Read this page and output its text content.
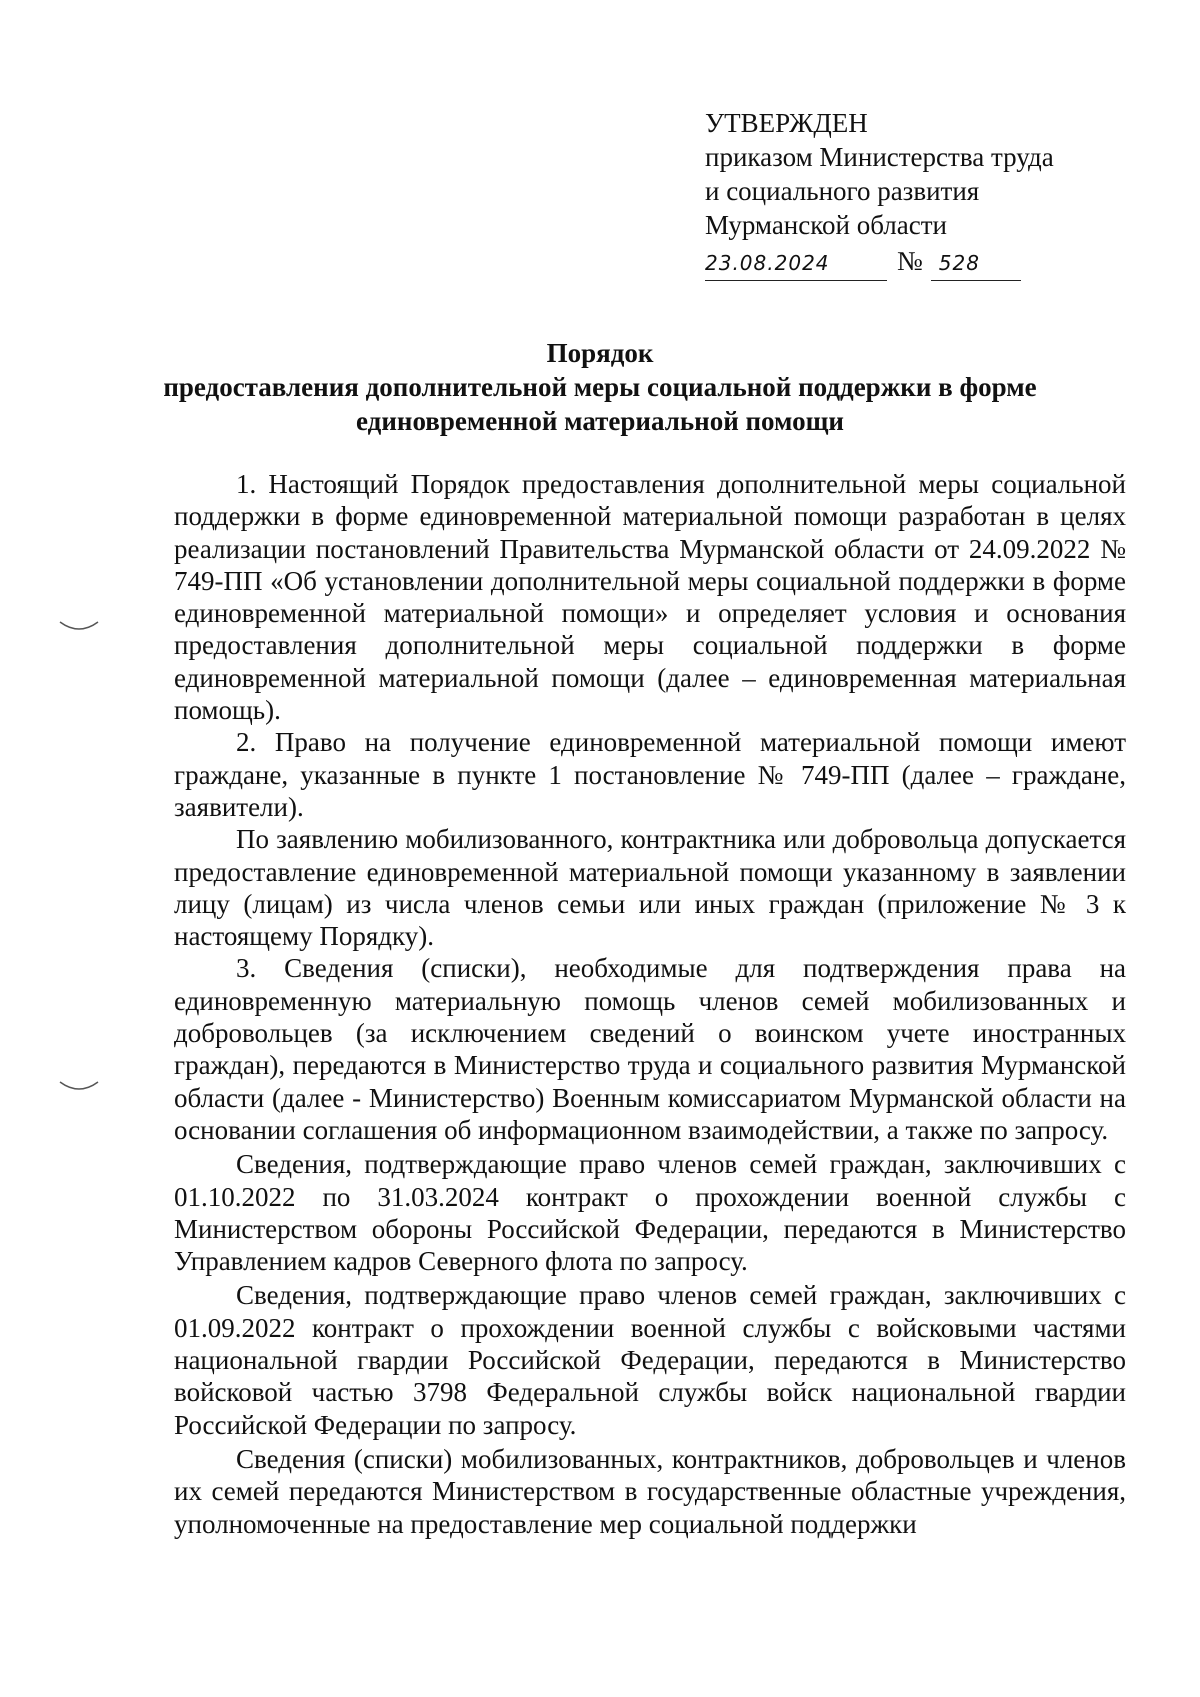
УТВЕРЖДЕН
приказом Министерства труда
и социального развития
Мурманской области
23.08.2024 № 528
Порядок
предоставления дополнительной меры социальной поддержки в форме
единовременной материальной помощи

1. Настоящий Порядок предоставления дополнительной меры социальной поддержки в форме единовременной материальной помощи разработан в целях реализации постановлений Правительства Мурманской области от 24.09.2022 № 749-ПП «Об установлении дополнительной меры социальной поддержки в форме единовременной материальной помощи» и определяет условия и основания предоставления дополнительной меры социальной поддержки в форме единовременной материальной помощи (далее – единовременная материальная помощь).

2. Право на получение единовременной материальной помощи имеют граждане, указанные в пункте 1 постановление № 749-ПП (далее – граждане, заявители).

По заявлению мобилизованного, контрактника или добровольца допускается предоставление единовременной материальной помощи указанному в заявлении лицу (лицам) из числа членов семьи или иных граждан (приложение № 3 к настоящему Порядку).

3. Сведения (списки), необходимые для подтверждения права на единовременную материальную помощь членов семей мобилизованных и добровольцев (за исключением сведений о воинском учете иностранных граждан), передаются в Министерство труда и социального развития Мурманской области (далее - Министерство) Военным комиссариатом Мурманской области на основании соглашения об информационном взаимодействии, а также по запросу.

Сведения, подтверждающие право членов семей граждан, заключивших с 01.10.2022 по 31.03.2024 контракт о прохождении военной службы с Министерством обороны Российской Федерации, передаются в Министерство Управлением кадров Северного флота по запросу.

Сведения, подтверждающие право членов семей граждан, заключивших с 01.09.2022 контракт о прохождении военной службы с войсковыми частями национальной гвардии Российской Федерации, передаются в Министерство войсковой частью 3798 Федеральной службы войск национальной гвардии Российской Федерации по запросу.

Сведения (списки) мобилизованных, контрактников, добровольцев и членов их семей передаются Министерством в государственные областные учреждения, уполномоченные на предоставление мер социальной поддержки
